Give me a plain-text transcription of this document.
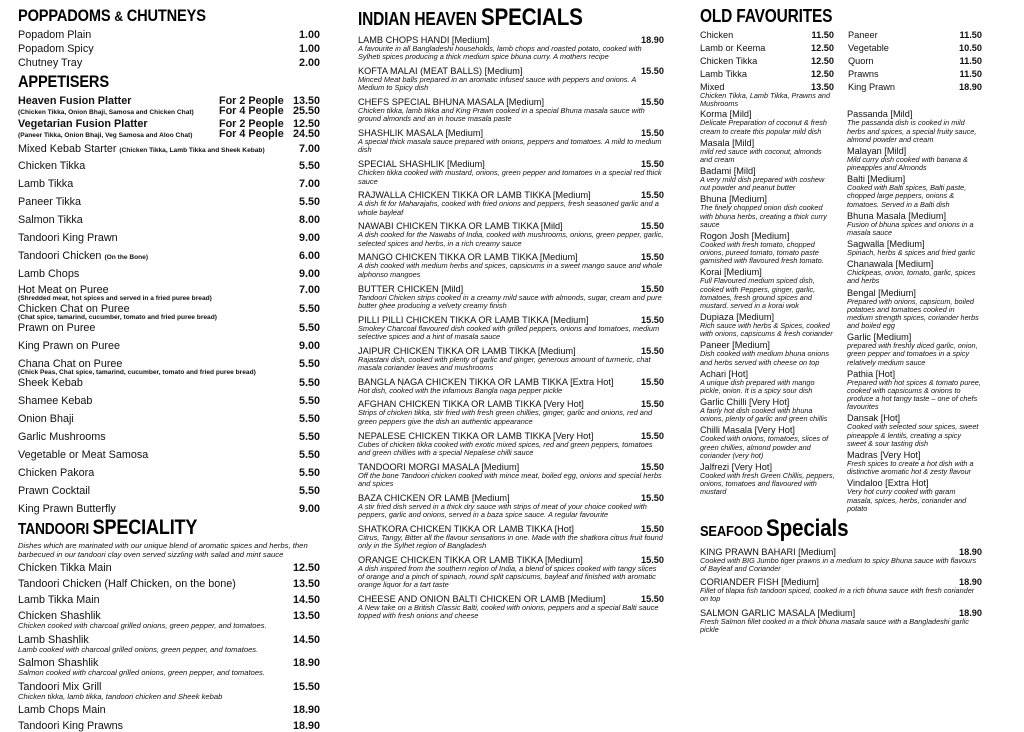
POPPADOMS & CHUTNEYS
Popadom Plain	1.00
Popadom Spicy	1.00
Chutney Tray	2.00
APPETISERS
Heaven Fusion Platter	For 2 People 13.50
(Chicken Tikka, Onion Bhaji, Samosa and Chicken Chat) For 4 People 25.50
Vegetarian Fusion Platter	For 2 People 12.50
(Paneer Tikka, Onion Bhaji, Veg Samosa and Aloo Chat) For 4 People 24.50
Mixed Kebab Starter (Chicken Tikka, Lamb Tikka and Sheek Kebab)	7.00
Chicken Tikka	5.50
Lamb Tikka	7.00
Paneer Tikka	5.50
Salmon Tikka	8.00
Tandoori King Prawn	9.00
Tandoori Chicken (On the Bone)	6.00
Lamb Chops	9.00
Hot Meat on Puree	7.00
(Shredded meat, hot spices and served in a fried puree bread)
Chicken Chat on Puree	5.50
(Chat spice, tamarind, cucumber, tomato and fried puree bread)
Prawn on Puree	5.50
King Prawn on Puree	9.00
Chana Chat on Puree	5.50
(Chick Peas, Chat spice, tamarind, cucumber, tomato and fried puree bread)
Sheek Kebab	5.50
Shamee Kebab	5.50
Onion Bhaji	5.50
Garlic Mushrooms	5.50
Vegetable or Meat Samosa	5.50
Chicken Pakora	5.50
Prawn Cocktail	5.50
King Prawn Butterfly	9.00
TANDOORI SPECIALITY
Dishes which are marinated with our unique blend of aromatic spices and herbs, then barbecued in our tandoori clay oven served sizzling with salad and mint sauce
Chicken Tikka Main	12.50
Tandoori Chicken (Half Chicken, on the bone)	13.50
Lamb Tikka Main	14.50
Chicken Shashlik	13.50
Chicken cooked with charcoal grilled onions, green pepper, and tomatoes.
Lamb Shashlik	14.50
Lamb cooked with charcoal grilled onions, green pepper, and tomatoes.
Salmon Shashlik	18.90
Salmon cooked with charcoal grilled onions, green pepper, and tomatoes.
Tandoori Mix Grill	15.50
Chicken tikka, lamb tikka, tandoori chicken and Sheek kebab
Lamb Chops Main	18.90
Tandoori King Prawns	18.90
INDIAN HEAVEN SPECIALS
LAMB CHOPS HANDI [Medium]	18.90
A favourite in all Bangladeshi households, lamb chops and roasted potato, cooked with Sylheti spices producing a thick medium spice bhuna curry. A mothers recipe
KOFTA MALAI (MEAT BALLS) [Medium]	15.50
Minced Meat balls prepared in an aromatic infused sauce with peppers and onions. A Medium to Spicy dish
CHEFS SPECIAL BHUNA MASALA [Medium]	15.50
Chicken tikka, lamb tikka and King Prawn cooked in a special Bhuna masala sauce with ground almonds and an in house masala paste
SHASHLIK MASALA [Medium]	15.50
A special thick masala sauce prepared with onions, peppers and tomatoes. A mild to medium dish
SPECIAL SHASHLIK [Medium]	15.50
Chicken tikka cooked with mustard, onions, green pepper and tomatoes in a special red thick sauce
RAJWALLA CHICKEN TIKKA OR LAMB TIKKA [Medium]	15.50
A dish fit for Maharajahs, cooked with fried onions and peppers, fresh seasoned garlic and a whole bayleaf
NAWABI CHICKEN TIKKA OR LAMB TIKKA [Mild]	15.50
A dish cooked for the Nawabs of India, cooked with mushrooms, onions, green pepper, garlic, selected spices and herbs, in a rich creamy sauce
MANGO CHICKEN TIKKA OR LAMB TIKKA [Medium]	15.50
A dish cooked with medium herbs and spices, capsicums in a sweet mango sauce and whole alphonso mangoes
BUTTER CHICKEN [Mild]	15.50
Tandoori Chicken strips cooked in a creamy mild sauce with almonds, sugar, cream and pure butter ghee producing a velvety creamy finish
PILLI PILLI CHICKEN TIKKA OR LAMB TIKKA [Medium]	15.50
Smokey Charcoal flavoured dish cooked with grilled peppers, onions and tomatoes, medium selective spices and a hint of masala sauce
JAIPUR CHICKEN TIKKA OR LAMB TIKKA [Medium]	15.50
Rajastani dish, cooked with plenty of garlic and ginger, generous amount of turmeric, chat masala coriander leaves and mushrooms
BANGLA NAGA CHICKEN TIKKA OR LAMB TIKKA [Extra Hot]	15.50
Hot dish, cooked with the infamous Bangla naga pepper pickle
AFGHAN CHICKEN TIKKA OR LAMB TIKKA [Very Hot]	15.50
Strips of chicken tikka, stir fried with fresh green chillies, ginger, garlic and onions, red and green peppers give the dish an authentic appearance
NEPALESE CHICKEN TIKKA OR LAMB TIKKA [Very Hot]	15.50
Cubes of chicken tikka cooked with exotic mixed spices, red and green peppers, tomatoes and green chillies with a special Nepalese chilli sauce
TANDOORI MORGI MASALA [Medium]	15.50
Off the bone Tandoori chicken cooked with mince meat, boiled egg, onions and special herbs and spices
BAZA CHICKEN OR LAMB [Medium]	15.50
A stir fried dish served in a thick dry sauce with strips of meat of your choice cooked with peppers, garlic and onions, served in a baza spice sauce. A regular favourite
SHATKORA CHICKEN TIKKA OR LAMB TIKKA [Hot]	15.50
Citrus, Tangy, Bitter all the flavour sensations in one. Made with the shatkora citrus fruit found only in the Sylhet region of Bangladesh
ORANGE CHICKEN TIKKA OR LAMB TIKKA [Medium]	15.50
A dish inspired from the southern region of India, a blend of spices cooked with tangy slices of orange and a pinch of spinach, round split capsicums, bayleaf and finished with aromatic orange liquor for a tart taste
CHEESE AND ONION BALTI CHICKEN OR LAMB [Medium]	15.50
A New take on a British Classic Balti, cooked with onions, peppers and a special Balti sauce topped with fresh onions and cheese
OLD FAVOURITES
Chicken	11.50
Lamb or Keema	12.50
Chicken Tikka	12.50
Lamb Tikka	12.50
Mixed	13.50
Chicken Tikka, Lamb Tikka, Prawns and Mushrooms
Paneer	11.50
Vegetable	10.50
Quorn	11.50
Prawns	11.50
King Prawn	18.90
Korma [Mild]
Delicate Preparation of coconut & fresh cream to create this popular mild dish
Masala [Mild]
mild red sauce with coconut, almonds and cream
Badami [Mild]
A very mild dish prepared with coshew nut powder and peanut butter
Bhuna [Medium]
The finely chopped onion dish cooked with bhuna herbs, creating a thick curry sauce
Rogon Josh [Medium]
Cooked with fresh tomato, chopped onions, pureed tomato, tomato paste garnished with flavoured fresh tomato.
Korai [Medium]
Full Flavoured medium spiced dish, cooked with Peppers, ginger, garlic, tomatoes, fresh ground spices and mustard. served in a korai wok
Dupiaza [Medium]
Rich sauce with herbs & Spices, cooked with onions, capsicums & fresh coriander
Paneer [Medium]
Dish cooked with medium bhuna onions and herbs served with cheese on top
Achari [Hot]
A unique dish prepared with mango pickle, onion. It is a spicy sour dish
Garlic Chilli [Very Hot]
A fairly hot dish cooked with bhuna onions, plenty of garlic and green chillis
Chilli Masala [Very Hot]
Cooked with onions, tomatoes, slices of green chillies, almond powder and coriander (very hot)
Jalfrezi [Very Hot]
Cooked with fresh Green Chillis, peppers, onions, tomatoes and flavoured with mustard
Passanda [Mild]
The passanda dish is cooked in mild herbs and spices, a special fruity sauce, almond powder and cream
Malayan [Mild]
Mild curry dish cooked with banana & pineapples and Almonds
Balti [Medium]
Cooked with Balti spices, Balti paste, chopped large peppers, onions & tomatoes. Served in a Balti dish
Bhuna Masala [Medium]
Fusion of bhuna spices and onions in a masala sauce
Sagwalla [Medium]
Spinach, herbs & spices and fried garlic
Chanawala [Medium]
Chickpeas, onion, tomato, garlic, spices and herbs
Bengal [Medium]
Prepared with onions, capsicum, boiled potatoes and tomatoes cooked in medium strength spices, coriander herbs and boiled egg
Garlic [Medium]
prepared with freshly diced garlic, onion, green pepper and tomatoes in a spicy relatively medium sauce
Pathia [Hot]
Prepared with hot spices & tomato puree, cooked with capsicums & onions to produce a hot tangy taste – one of chefs favourites
Dansak [Hot]
Cooked with selected sour spices, sweet pineapple & lentils, creating a spicy sweet & sour tasting dish
Madras [Very Hot]
Fresh spices to create a hot dish with a distinctive aromatic hot & zesty flavour
Vindaloo [Extra Hot]
Very hot curry cooked with garam masala, spices, herbs, coriander and potato
SEAFOOD Specials
KING PRAWN BAHARI [Medium]	18.90
Cooked with BIG Jumbo tiger prawns in a medium to spicy Bhuna sauce with flavours of Bayleaf and Coriander
CORIANDER FISH [Medium]	18.90
Fillet of tilapia fish tandoori spiced, cooked in a rich bhuna sauce with fresh coriander on top
SALMON GARLIC MASALA [Medium]	18.90
Fresh Salmon fillet cooked in a thick bhuna masala sauce with a Bangladeshi garlic pickle
